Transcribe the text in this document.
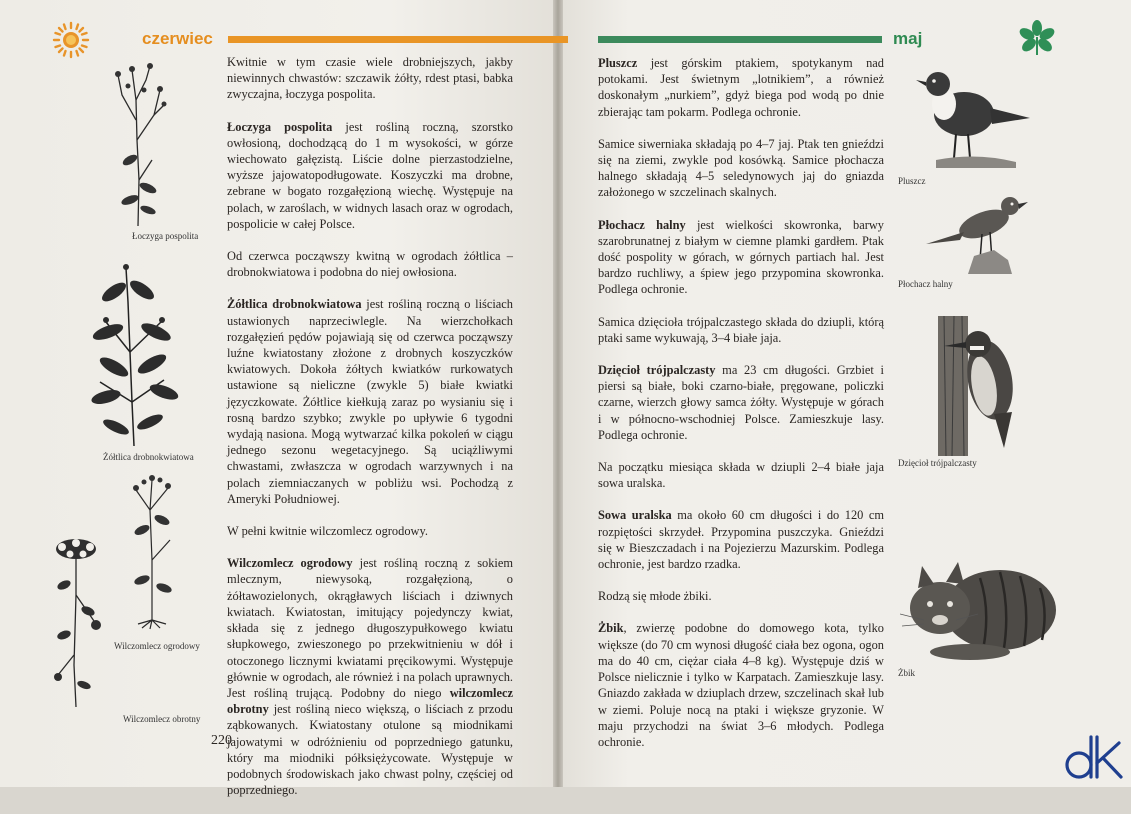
czerwiec	maj

Kwitnie w tym czasie wiele drobniejszych, jakby niewinnych chwastów: szczawik żółty, rdest ptasi, babka zwyczajna, łoczyga pospolita.

Łoczyga pospolita jest rośliną roczną, szorstko owłosioną, dochodzącą do 1 m wysokości, w górze wiechowato gałęzistą. Liście dolne pierzastodzielne, wyższe jajowatopodługowate. Koszyczki ma drobne, zebrane w bogato rozgałęzioną wiechę. Występuje na polach, w zaroślach, w widnych lasach oraz w ogrodach, pospolicie w całej Polsce.

Od czerwca począwszy kwitną w ogrodach żółtlica – drobnokwiatowa i podobna do niej owłosiona.

Żółtlica drobnokwiatowa jest rośliną roczną o liściach ustawionych naprzeciwlegle. Na wierzchołkach rozgałęzień pędów pojawiają się od czerwca począwszy luźne kwiatostany złożone z drobnych koszyczków kwiatowych. Dokoła żółtych kwiatków rurkowatych ustawione są nieliczne (zwykle 5) białe kwiatki języczkowate. Żółtlice kiełkują zaraz po wysianiu się i rosną bardzo szybko; zwykle po upływie 6 tygodni wydają nasiona. Mogą wytwarzać kilka pokoleń w ciągu jednego sezonu wegetacyjnego. Są uciążliwymi chwastami, zwłaszcza w ogrodach warzywnych i na polach ziemniaczanych w pobliżu wsi. Pochodzą z Ameryki Południowej.

W pełni kwitnie wilczomlecz ogrodowy.

Wilczomlecz ogrodowy jest rośliną roczną z sokiem mlecznym, niewysoką, rozgałęzioną, o żółtawozielonych, okrągławych liściach i dziwnych kwiatach. Kwiatostan, imitujący pojedynczy kwiat, składa się z jednego długoszypułkowego kwiatu słupkowego, zwieszonego po przekwitnieniu w dół i otoczonego licznymi kwiatami pręcikowymi. Występuje głównie w ogrodach, ale również i na polach uprawnych. Jest rośliną trującą. Podobny do niego wilczomlecz obrotny jest rośliną nieco większą, o liściach z przodu ząbkowanych. Kwiatostany otulone są miodnikami jajowatymi w odróżnieniu od poprzedniego gatunku, który ma miodniki półksiężycowate. Występuje w podobnych środowiskach jako chwast polny, częściej od poprzedniego.

220
Łoczyga pospolita
Żółtlica drobnokwiatowa
Wilczomlecz ogrodowy
Wilczomlecz obrotny

Pluszcz jest górskim ptakiem, spotykanym nad potokami. Jest świetnym „lotnikiem”, a również doskonałym „nurkiem”, gdyż biega pod wodą po dnie zbierając tam pokarm. Podlega ochronie.

Samice siwerniaka składają po 4–7 jaj. Ptak ten gnieździ się na ziemi, zwykle pod kosówką. Samice płochacza halnego składają 4–5 seledynowych jaj do gniazda założonego w szczelinach skalnych.

Płochacz halny jest wielkości skowronka, barwy szarobrunatnej z białym w ciemne plamki gardłem. Ptak dość pospolity w górach, w górnych partiach hal. Jest bardzo ruchliwy, a śpiew jego przypomina skowronka. Podlega ochronie.

Samica dzięcioła trójpalczastego składa do dziupli, którą ptaki same wykuwają, 3–4 białe jaja.

Dzięcioł trójpalczasty ma 23 cm długości. Grzbiet i piersi są białe, boki czarno-białe, pręgowane, policzki czarne, wierzch głowy samca żółty. Występuje w górach i w północno-wschodniej Polsce. Zamieszkuje lasy. Podlega ochronie.

Na początku miesiąca składa w dziupli 2–4 białe jaja sowa uralska.

Sowa uralska ma około 60 cm długości i do 120 cm rozpiętości skrzydeł. Przypomina puszczyka. Gnieździ się w Bieszczadach i na Pojezierzu Mazurskim. Podlega ochronie, jest bardzo rzadka.

Rodzą się młode żbiki.

Żbik, zwierzę podobne do domowego kota, tylko większe (do 70 cm wynosi długość ciała bez ogona, ogon ma do 40 cm, ciężar ciała 4–8 kg). Występuje dziś w Polsce nielicznie i tylko w Karpatach. Zamieszkuje lasy. Gniazdo zakłada w dziuplach drzew, szczelinach skał lub w ziemi. Poluje nocą na ptaki i większe gryzonie. W maju przychodzi na świat 3–6 młodych. Podlega ochronie.

Pluszcz
Płochacz halny
Dzięcioł trójpalczasty
Żbik
